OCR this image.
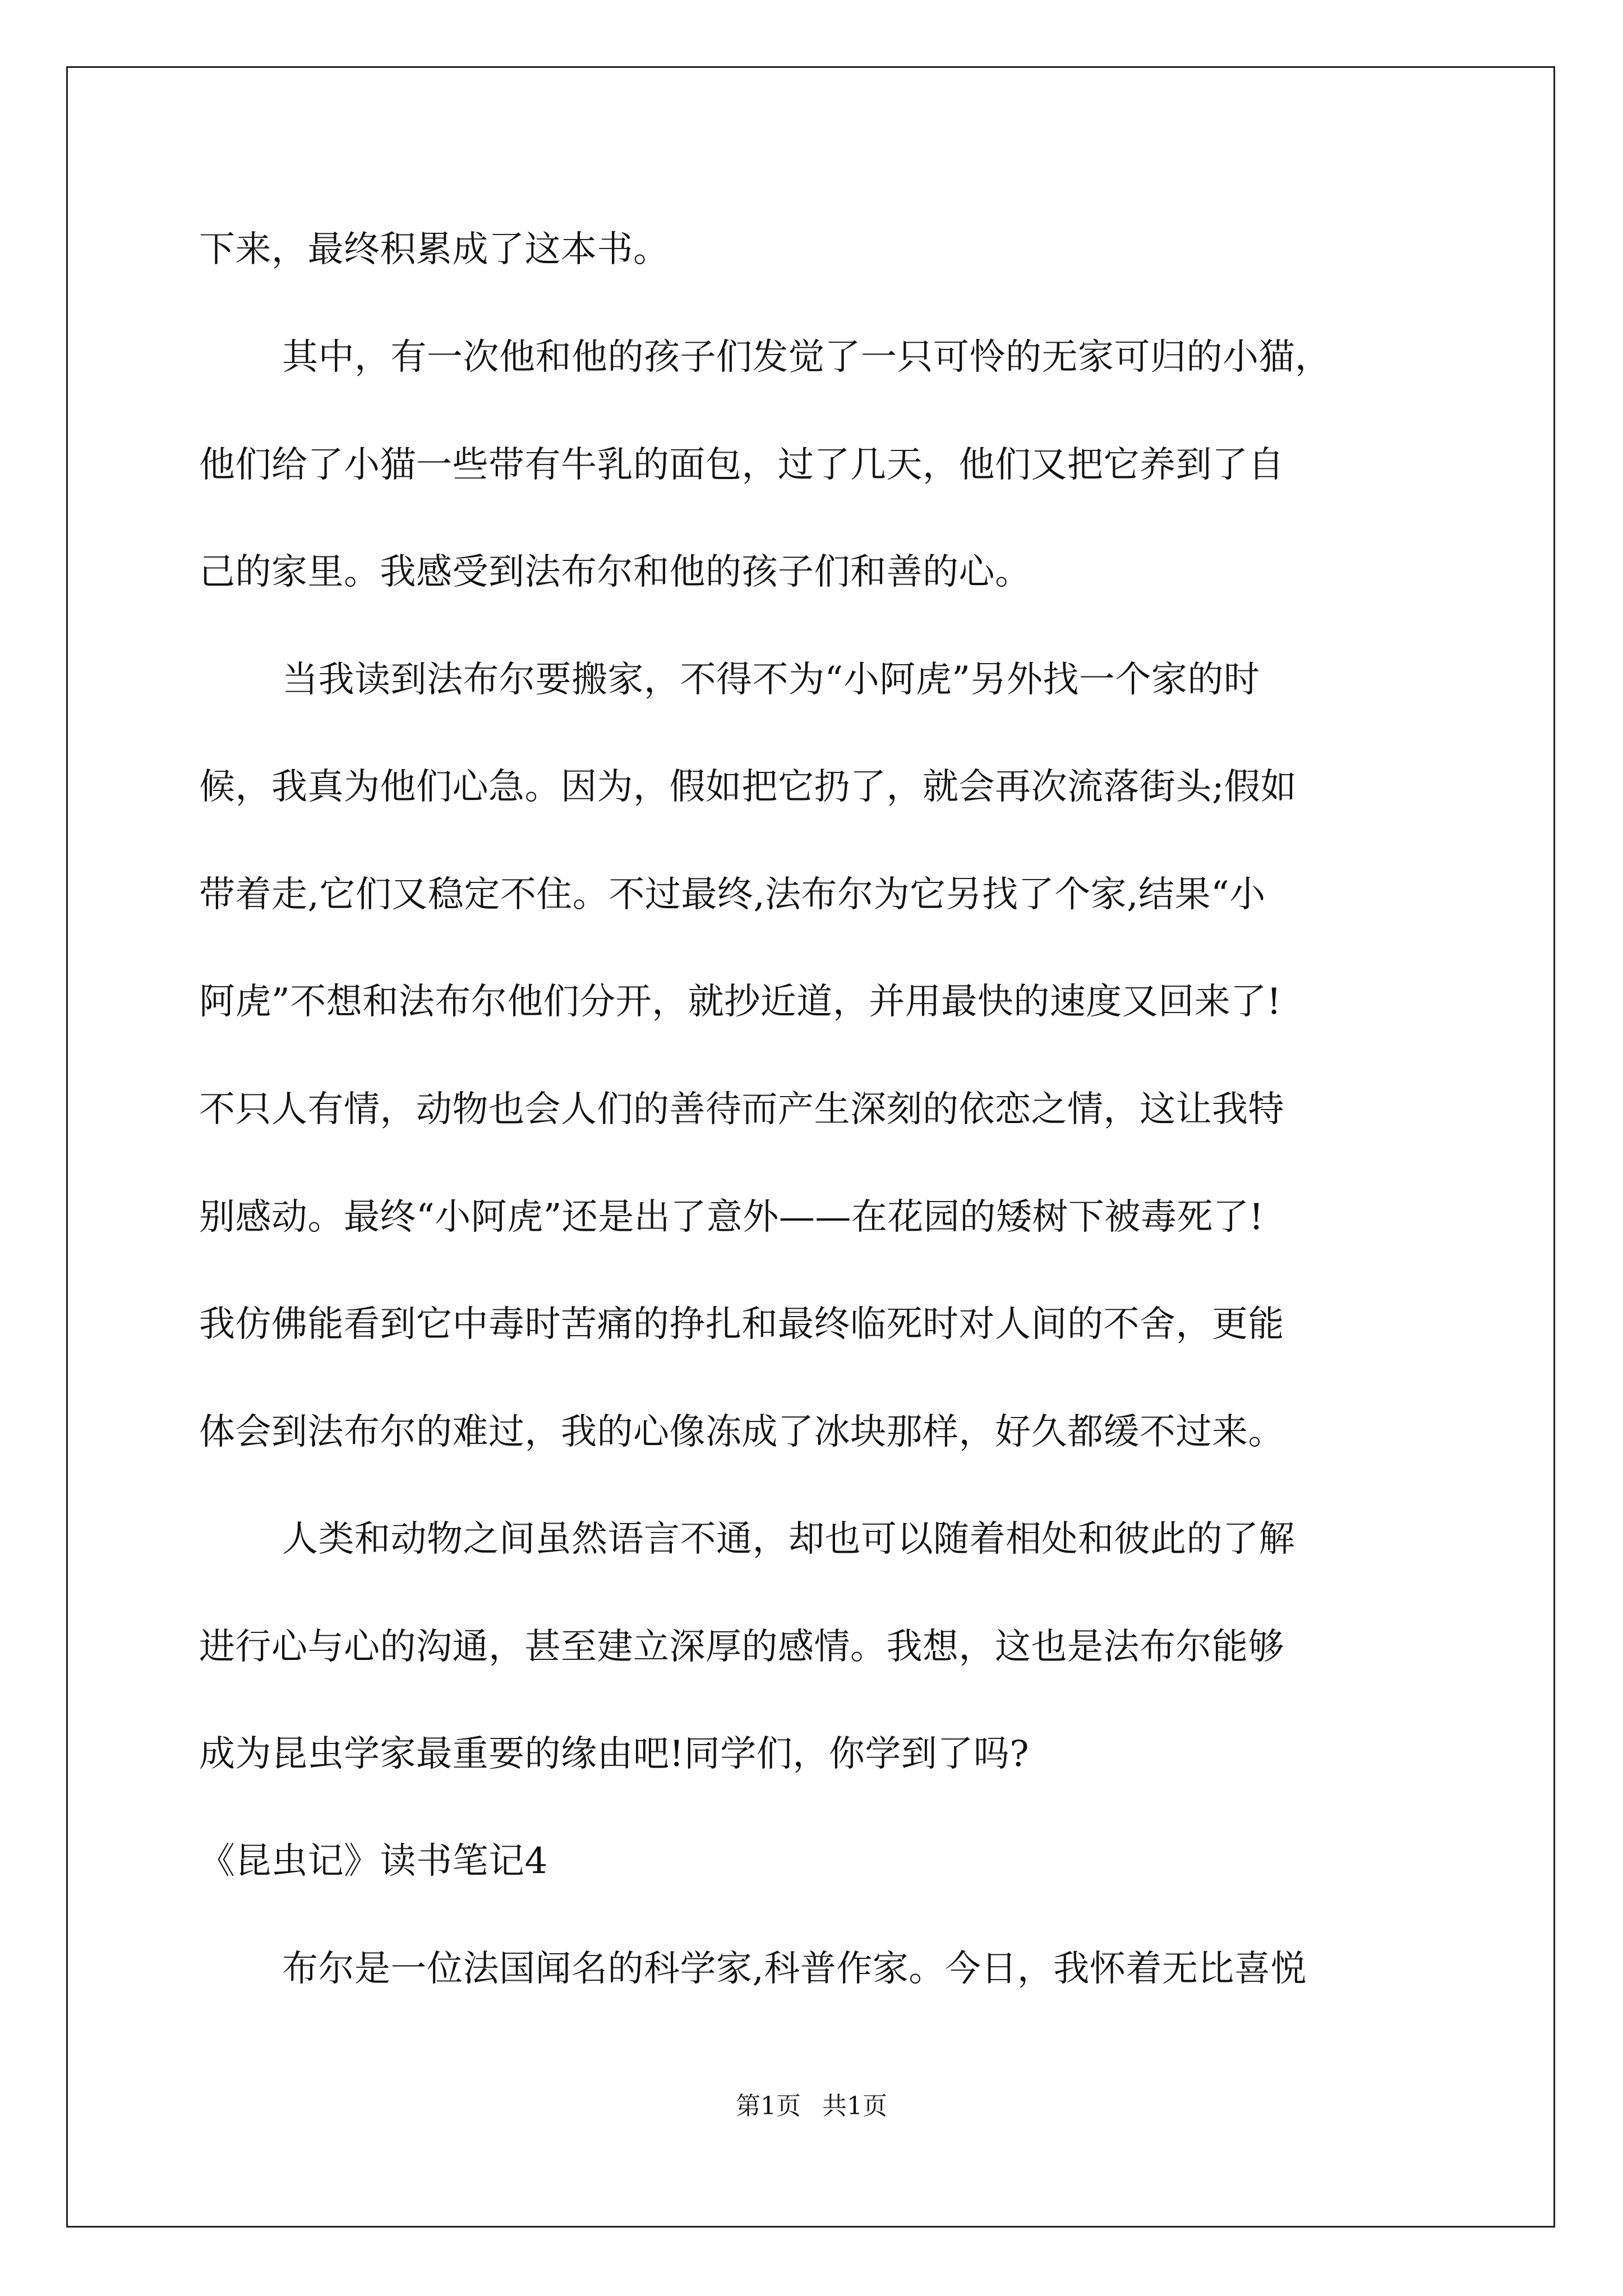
下来，最终积累成了这本书。
其中，有一次他和他的孩子们发觉了一只可怜的无家可归的小猫，
他们给了小猫一些带有牛乳的面包，过了几天，他们又把它养到了自
己的家里。我感受到法布尔和他的孩子们和善的心。
当我读到法布尔要搬家，不得不为“小阿虎”另外找一个家的时
候，我真为他们心急。因为，假如把它扔了，就会再次流落街头;假如
带着走,它们又稳定不住。不过最终,法布尔为它另找了个家,结果“小
阿虎”不想和法布尔他们分开，就抄近道，并用最快的速度又回来了!
不只人有情，动物也会人们的善待而产生深刻的依恋之情，这让我特
别感动。最终“小阿虎”还是出了意外——在花园的矮树下被毒死了!
我仿佛能看到它中毒时苦痛的挣扎和最终临死时对人间的不舍，更能
体会到法布尔的难过，我的心像冻成了冰块那样，好久都缓不过来。
人类和动物之间虽然语言不通，却也可以随着相处和彼此的了解
进行心与心的沟通，甚至建立深厚的感情。我想，这也是法布尔能够
成为昆虫学家最重要的缘由吧!同学们，你学到了吗?
《昆虫记》读书笔记4
布尔是一位法国闻名的科学家,科普作家。今日，我怀着无比喜悦
第1页 共1页
